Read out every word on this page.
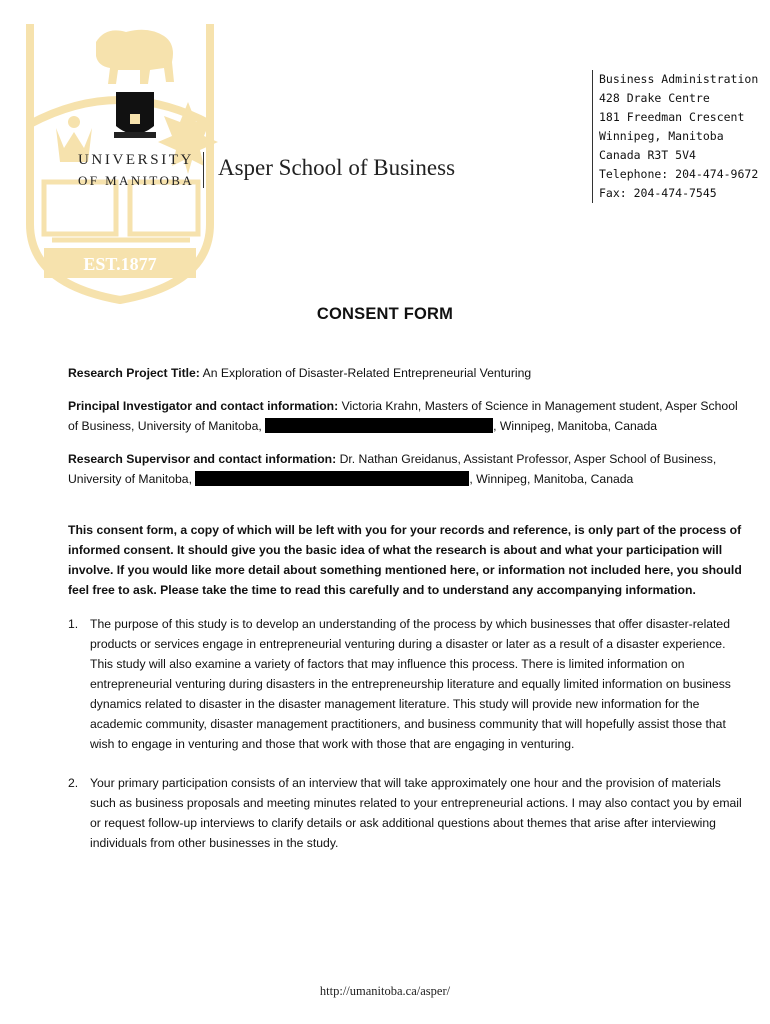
EST.1877
UNIVERSITY
OF MANITOBA
Asper School of Business
Business Administration
428 Drake Centre
181 Freedman Crescent
Winnipeg, Manitoba
Canada R3T 5V4
Telephone: 204-474-9672
Fax: 204-474-7545
CONSENT FORM
Research Project Title: An Exploration of Disaster-Related Entrepreneurial Venturing
Principal Investigator and contact information: Victoria Krahn, Masters of Science in Management student, Asper School of Business, University of Manitoba,	, Winnipeg, Manitoba, Canada
Research Supervisor and contact information: Dr. Nathan Greidanus, Assistant Professor, Asper School of Business, University of Manitoba,	, Winnipeg, Manitoba, Canada
This consent form, a copy of which will be left with you for your records and reference, is only part of the process of informed consent. It should give you the basic idea of what the research is about and what your participation will involve. If you would like more detail about something mentioned here, or information not included here, you should feel free to ask. Please take the time to read this carefully and to understand any accompanying information.
1. The purpose of this study is to develop an understanding of the process by which businesses that offer disaster-related products or services engage in entrepreneurial venturing during a disaster or later as a result of a disaster experience. This study will also examine a variety of factors that may influence this process. There is limited information on entrepreneurial venturing during disasters in the entrepreneurship literature and equally limited information on business dynamics related to disaster in the disaster management literature. This study will provide new information for the academic community, disaster management practitioners, and business community that will hopefully assist those that wish to engage in venturing and those that work with those that are engaging in venturing.
2. Your primary participation consists of an interview that will take approximately one hour and the provision of materials such as business proposals and meeting minutes related to your entrepreneurial actions. I may also contact you by email or request follow-up interviews to clarify details or ask additional questions about themes that arise after interviewing individuals from other businesses in the study.
http://umanitoba.ca/asper/
